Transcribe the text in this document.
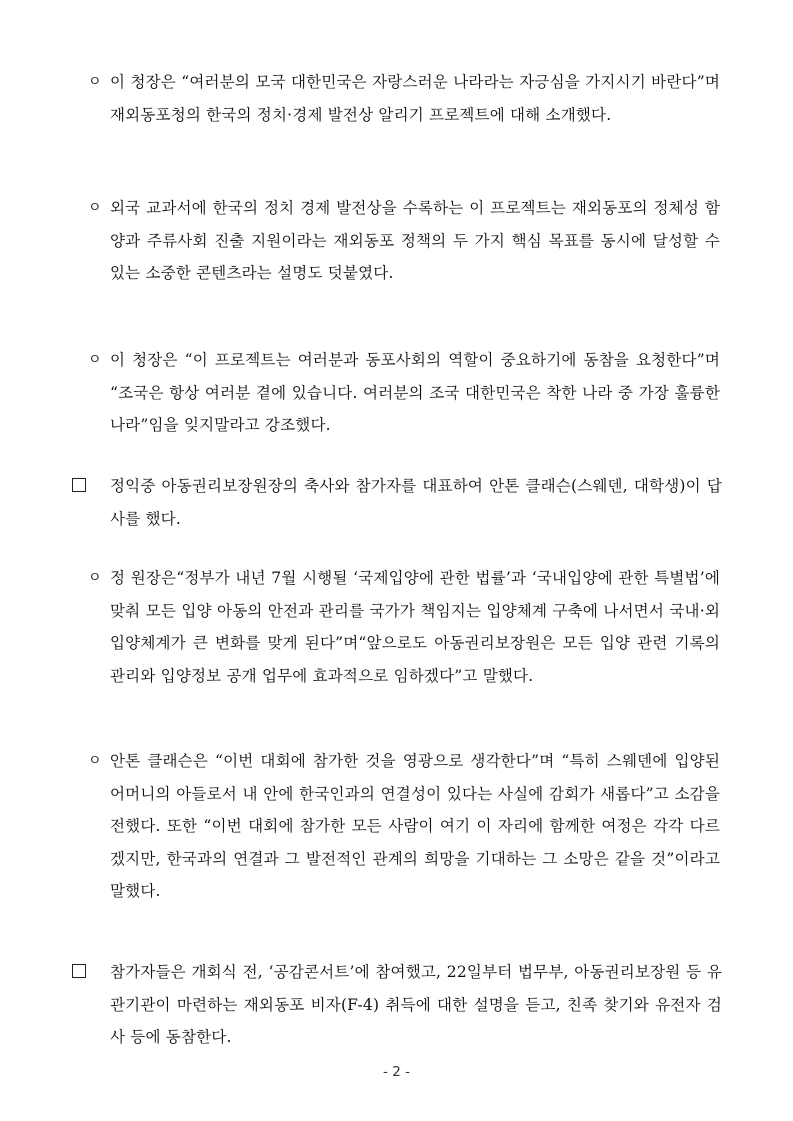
ㅇ 이 청장은 “여러분의 모국 대한민국은 자랑스러운 나라라는 자긍심을 가지시기 바란다”며 재외동포청의 한국의 정치·경제 발전상 알리기 프로젝트에 대해 소개했다.
ㅇ 외국 교과서에 한국의 정치 경제 발전상을 수록하는 이 프로젝트는 재외동포의 정체성 함양과 주류사회 진출 지원이라는 재외동포 정책의 두 가지 핵심 목표를 동시에 달성할 수 있는 소중한 콘텐츠라는 설명도 덧붙였다.
ㅇ 이 청장은 “이 프로젝트는 여러분과 동포사회의 역할이 중요하기에 동참을 요청한다”며 “조국은 항상 여러분 곁에 있습니다. 여러분의 조국 대한민국은 착한 나라 중 가장 훌륭한 나라”임을 잊지말라고 강조했다.
정익중 아동권리보장원장의 축사와 참가자를 대표하여 안톤 클래슨(스웨덴, 대학생)이 답사를 했다.
ㅇ 정 원장은“정부가 내년 7월 시행될 ‘국제입양에 관한 법률’과 ‘국내입양에 관한 특별법’에 맞춰 모든 입양 아동의 안전과 관리를 국가가 책임지는 입양체계 구축에 나서면서 국내·외 입양체계가 큰 변화를 맞게 된다”며“앞으로도 아동권리보장원은 모든 입양 관련 기록의 관리와 입양정보 공개 업무에 효과적으로 임하겠다”고 말했다.
ㅇ 안톤 클래슨은 “이번 대회에 참가한 것을 영광으로 생각한다”며 “특히 스웨덴에 입양된 어머니의 아들로서 내 안에 한국인과의 연결성이 있다는 사실에 감회가 새롭다”고 소감을 전했다. 또한 “이번 대회에 참가한 모든 사람이 여기 이 자리에 함께한 여정은 각각 다르겠지만, 한국과의 연결과 그 발전적인 관계의 희망을 기대하는 그 소망은 같을 것”이라고 말했다.
참가자들은 개회식 전, ‘공감콘서트’에 참여했고, 22일부터 법무부, 아동권리보장원 등 유관기관이 마련하는 재외동포 비자(F-4) 취득에 대한 설명을 듣고, 친족 찾기와 유전자 검사 등에 동참한다.
- 2 -
